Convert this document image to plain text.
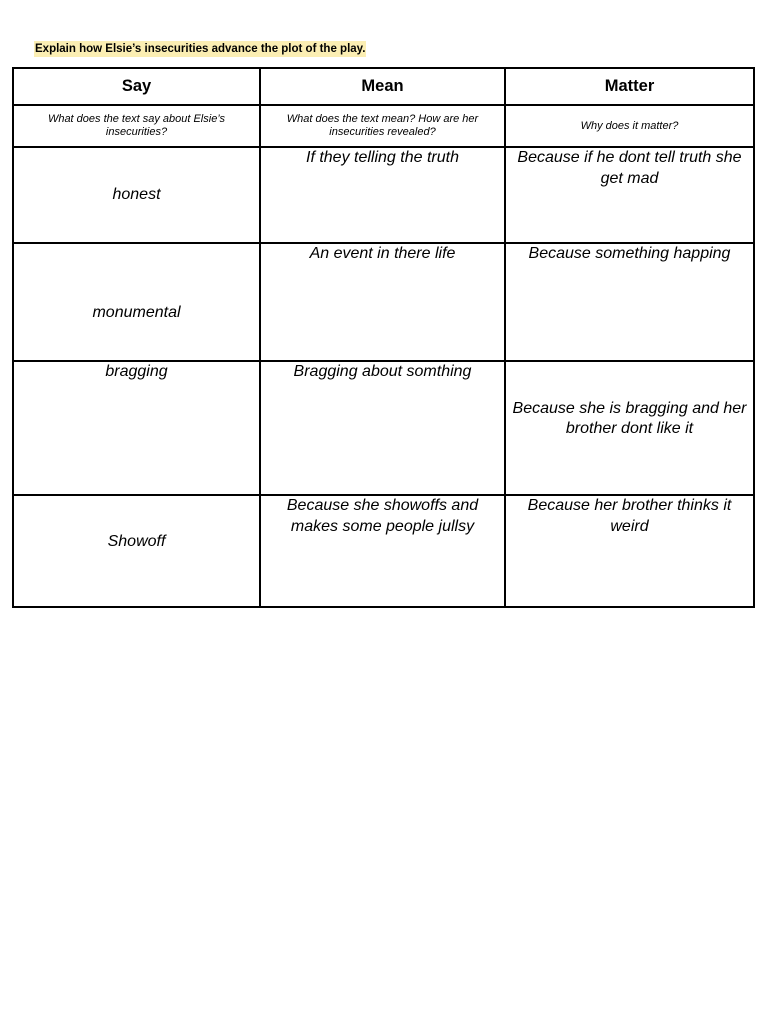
Explain how Elsie’s insecurities advance the plot of the play.
Say	Mean	Matter
What does the text say about Elsie’s insecurities?	What does the text mean? How are her insecurities revealed?	Why does it matter?
honest	If they telling the truth	Because if he dont tell truth she get mad
monumental	An event in there life	Because something happing
bragging	Bragging about somthing	Because she is bragging and her brother dont like it
Showoff	Because she showoffs and makes some people jullsy	Because her brother thinks it weird
